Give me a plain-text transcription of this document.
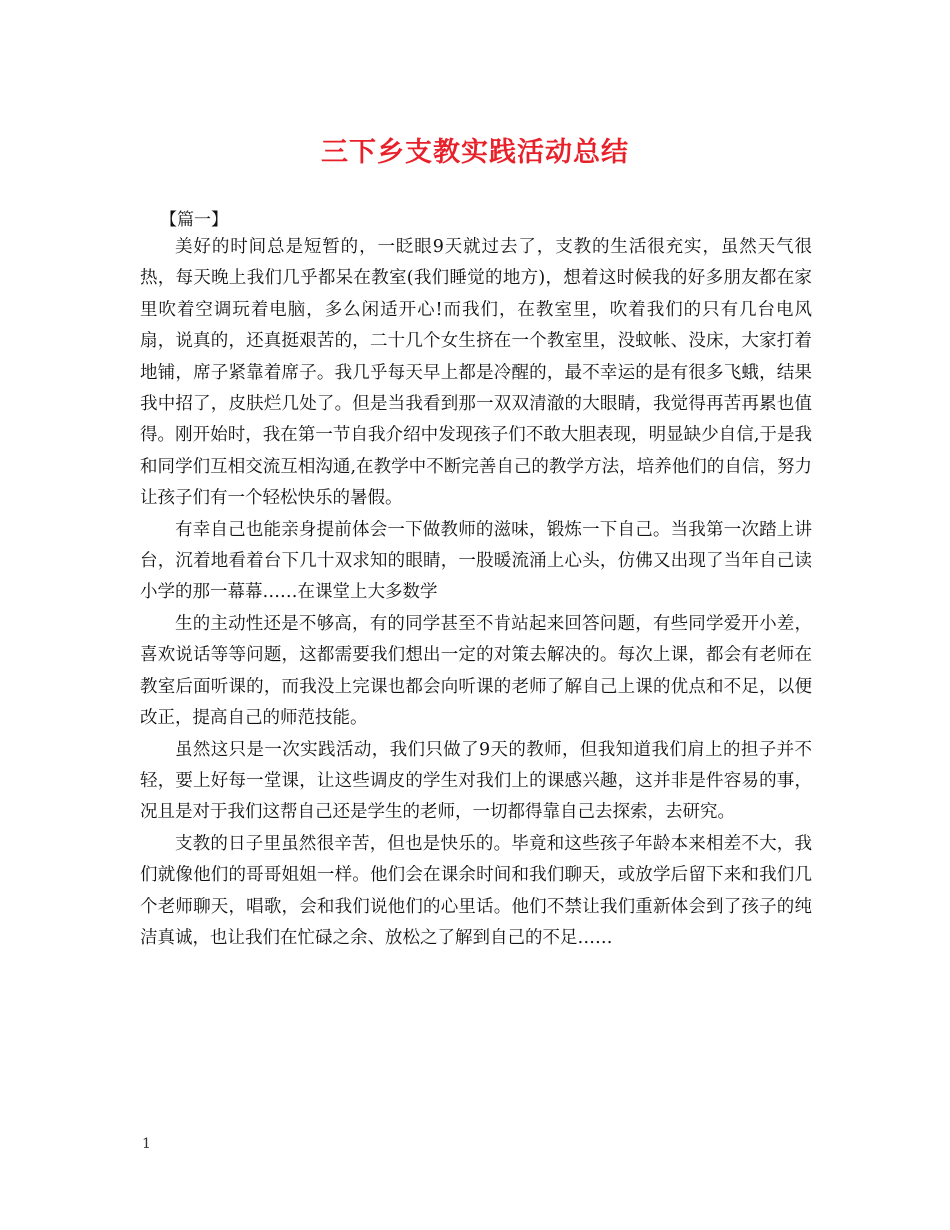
三下乡支教实践活动总结
【篇一】

美好的时间总是短暂的，一眨眼9天就过去了，支教的生活很充实，虽然天气很热，每天晚上我们几乎都呆在教室(我们睡觉的地方)，想着这时候我的好多朋友都在家里吹着空调玩着电脑，多么闲适开心!而我们，在教室里，吹着我们的只有几台电风扇，说真的，还真挺艰苦的，二十几个女生挤在一个教室里，没蚊帐、没床，大家打着地铺，席子紧靠着席子。我几乎每天早上都是冷醒的，最不幸运的是有很多飞蛾，结果我中招了，皮肤烂几处了。但是当我看到那一双双清澈的大眼睛，我觉得再苦再累也值得。刚开始时，我在第一节自我介绍中发现孩子们不敢大胆表现，明显缺少自信,于是我和同学们互相交流互相沟通,在教学中不断完善自己的教学方法，培养他们的自信，努力让孩子们有一个轻松快乐的暑假。

有幸自己也能亲身提前体会一下做教师的滋味，锻炼一下自己。当我第一次踏上讲台，沉着地看着台下几十双求知的眼睛，一股暖流涌上心头，仿佛又出现了当年自己读小学的那一幕幕……在课堂上大多数学

生的主动性还是不够高，有的同学甚至不肯站起来回答问题，有些同学爱开小差，喜欢说话等等问题，这都需要我们想出一定的对策去解决的。每次上课，都会有老师在教室后面听课的，而我没上完课也都会向听课的老师了解自己上课的优点和不足，以便改正，提高自己的师范技能。

虽然这只是一次实践活动，我们只做了9天的教师，但我知道我们肩上的担子并不轻，要上好每一堂课，让这些调皮的学生对我们上的课感兴趣，这并非是件容易的事，况且是对于我们这帮自己还是学生的老师，一切都得靠自己去探索，去研究。

支教的日子里虽然很辛苦，但也是快乐的。毕竟和这些孩子年龄本来相差不大，我们就像他们的哥哥姐姐一样。他们会在课余时间和我们聊天，或放学后留下来和我们几个老师聊天，唱歌，会和我们说他们的心里话。他们不禁让我们重新体会到了孩子的纯洁真诚，也让我们在忙碌之余、放松之了解到自己的不足……

1
